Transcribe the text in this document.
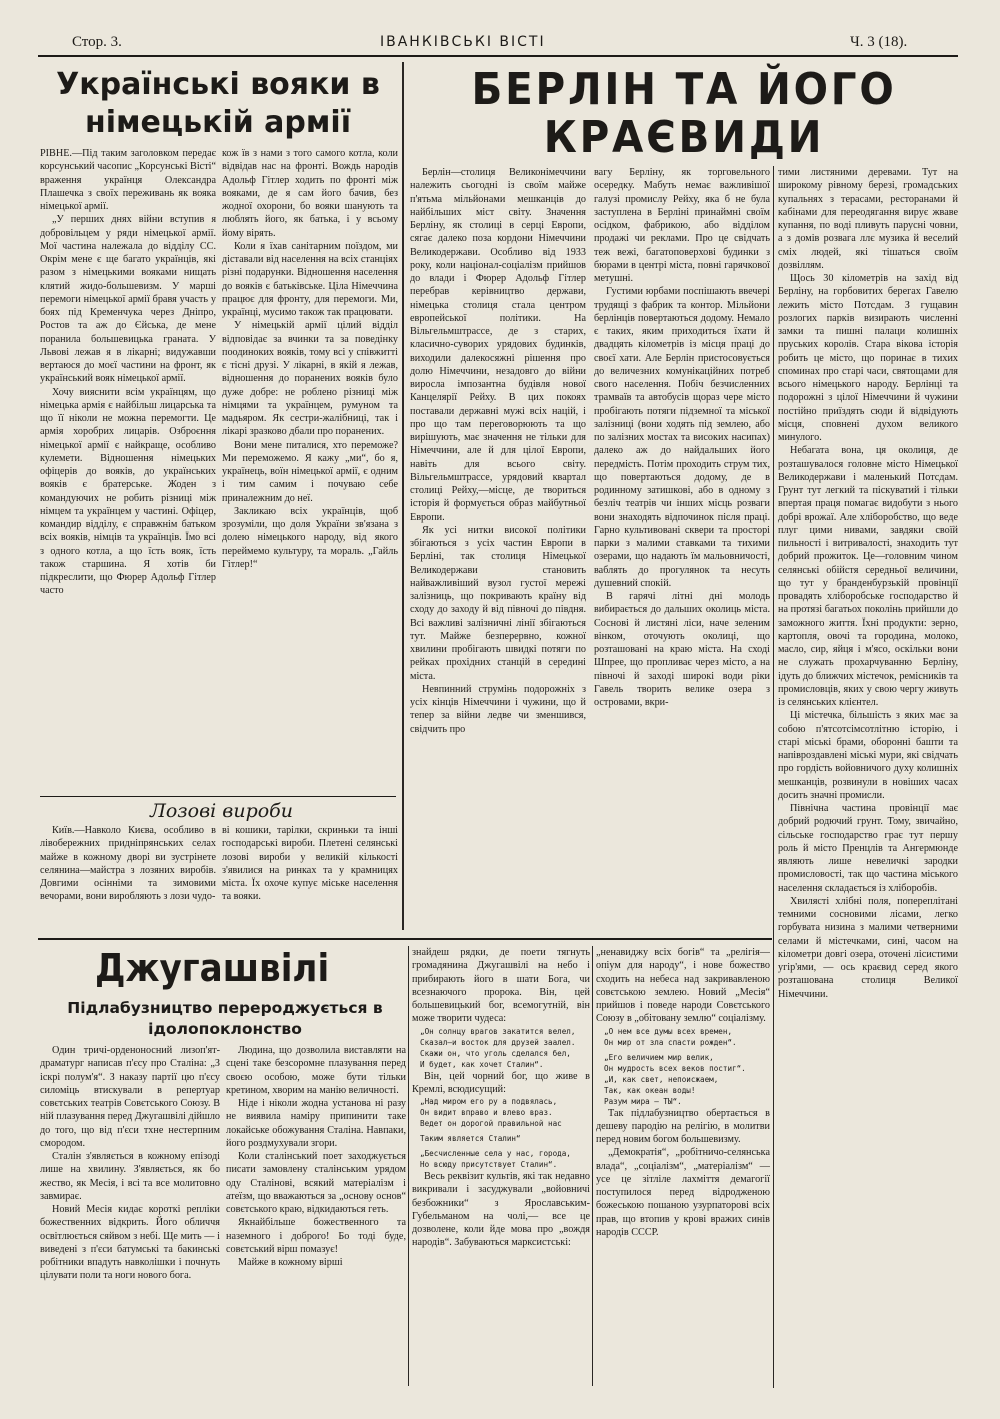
Стор. 3.	ІВАНКІВСЬКІ ВІСТІ	Ч. 3 (18).
Українські вояки в
німецькій армії

РІВНЕ.—Під таким заголовком передає корсунський часопис „Корсунські Вісті“ враження українця Олександра Плашечка з своїх переживань як вояка німецької армії.

„У перших днях війни вступив я добровільцем у ряди німецької армії. Мої частина належала до відділу СС. Окрім мене є ще багато українців, які разом з німецькими вояками нищать клятий жидо-большевизм. У марші перемоги німецької армії бравя участь у боях під Кременчука через Дніпро, Ростов та аж до Єйська, де мене поранила большевицька граната. У Львові лежав я в лікарні; видужавши вертаюся до моєї частини на фронт, як український вояк німецької армії.

Хочу вияснити всім українцям, що німецька армія є найбільш лицарська та що її ніколи не можна перемогти. Це армія хоробрих лицарів. Озброєння німецької армії є найкраще, особливо кулемети. Відношення німецьких офіцерів до вояків, до українських вояків є братерське. Жоден з командуючих не робить різниці між німцем та українцем у частині. Офіцер, командир відділу, є справжнім батьком всіх вояків, німців та українців. Їмо всі з одного котла, а що їсть вояк, їсть також старшина. Я хотів би підкреслити, що Фюрер Адольф Гітлер часто

кож їв з нами з того самого котла, коли відвідав нас на фронті. Вождь народів Адольф Гітлер ходить по фронті між вояками, де я сам його бачив, без жодної охорони, бо вояки шанують та люблять його, як батька, і у всьому йому вірять.

Коли я їхав санітарним поїздом, ми діставали від населення на всіх станціях різні подарунки. Відношення населення до вояків є батьківське. Ціла Німеччина працює для фронту, для перемоги. Ми, українці, мусимо також так працювати.

У німецькій армії цілий відділ відповідає за вчинки та за поведінку поодиноких вояків, тому всі у співжитті є тісні друзі. У лікарні, в якій я лежав, відношення до поранених вояків було дуже добре: не роблено різниці між німцями та українцем, румуном та мадьяром. Як сестри-жалібниці, так і лікарі зразково дбали про поранених.

Вони мене питалися, хто переможе? Ми переможемо. Я кажу „ми“, бо я, українець, воїн німецької армії, є одним і тим самим і почуваю себе приналежним до неї.

Закликаю всіх українців, щоб зрозуміли, що доля України зв'язана з долею німецького народу, від якого переймемо культуру, та мораль. „Гайль Гітлер!“

Лозові вироби

Київ.—Навколо Києва, особливо в лівобережних придніпрянських селах майже в кожному дворі ви зустрінете селянина—майстра з лозяних виробів. Довгими осінніми та зимовими вечорами, вони виробляють з лози чудо-

ві кошики, тарілки, скриньки та інші господарські вироби. Плетені селянські лозові вироби у великій кількості з'явилися на ринках та у крамницях міста. Їх охоче купує міське населення та вояки.

БЕРЛІН ТА ЙОГО
КРАЄВИДИ

Берлін—столиця Великонімеччини належить сьогодні із своїм майже п'ятьма мільйонами мешканців до найбільших міст світу. Значення Берліну, як столиці в серці Европи, сягає далеко поза кордони Німеччини Великодержави. Особливо від 1933 року, коли націонал-соціалізм прийшов до влади і Фюрер Адольф Гітлер перебрав керівництво держави, німецька столиця стала центром европейської політики. На Вільгельмштрассе, де з старих, класично-суворих урядових будинків, виходили далекосяжні рішення про долю Німеччини, незадовго до війни виросла імпозантна будівля нової Канцелярії Рейху. В цих покоях поставали державні мужі всіх націй, і про що там переговорюють та що вирішують, має значення не тільки для Німеччини, але й для цілої Европи, навіть для всього світу. Вільгельмштрассе, урядовий квартал столиці Рейху,—місце, де твориться історія й формується образ майбутньої Европи.

Як усі нитки високої політики збігаються з усіх частин Европи в Берліні, так столиця Німецької Великодержави становить найважливіший вузол густої мережі залізниць, що покривають країну від сходу до заходу й від півночі до півдня. Всі важливі залізничні лінії збігаються тут. Майже безперервно, кожної хвилини пробігають швидкі потяги по рейках прохідних станцій в середині міста.

Невпинний струмінь подорожніх з усіх кінців Німеччини і чужини, що й тепер за війни ледве чи зменшився, свідчить про

вагу Берліну, як торговельного осередку. Мабуть немає важливішої галузі промислу Рейху, яка б не була заступлена в Берліні принаймні своїм осідком, фабрикою, або відділом продажі чи реклами. Про це свідчать теж вежі, багатоповерхові будинки з бюрами в центрі міста, повні гарячкової метушні.

Густими юрбами поспішають ввечері трудящі з фабрик та контор. Мільйони берлінців повертаються додому. Немало є таких, яким приходиться їхати й двадцять кілометрів із місця праці до своєї хати. Але Берлін пристосовується до величезних комунікаційних потреб свого населення. Побіч безчисленних трамваїв та автобусів щораз чере місто пробігають потяги підземної та міської залізниці (вони ходять під землею, або по залізних мостах та високих насипах) далеко аж до найдальших його передмість. Потім проходить струм тих, що повертаються додому, де в родинному затишкові, або в одному з безліч театрів чи інших місць розваги вони знаходять відпочинок після праці. Гарно культивовані сквери та просторі парки з малими ставками та тихими озерами, що надають їм мальовничості, ваблять до прогулянок та несуть душевний спокій.

В гарячі літні дні молодь вибирається до дальших околиць міста. Соснові й листяні ліси, наче зеленим вінком, оточують околиці, що розташовані на краю міста. На сході Шпрее, що пропливає через місто, а на півночі й заході широкі води ріки Гавель творить велике озера з островами, вкри-

тими листяними деревами. Тут на широкому рівному березі, громадських купальнях з терасами, ресторанами й кабінами для переодягання вирує жваве купання, по воді пливуть парусні човни, а з домів розвага ллє музика й веселий сміх людей, які тішаться своїм дозвіллям.

Щось 30 кілометрів на захід від Берліну, на горбовитих берегах Гавелю лежить місто Потсдам. З гущавин розлогих парків визирають численні замки та пишні палаци колишніх пруських королів. Стара вікова історія робить це місто, що поринає в тихих споминах про старі часи, святощами для всього німецького народу. Берлінці та подорожні з цілої Німеччини й чужини постійно приїздять сюди й відвідують місця, сповнені духом великого минулого.

Небагата вона, ця околиця, де розташувалося головне місто Німецької Великодержави і маленький Потсдам. Грунт тут легкий та піскуватий і тільки впертая праця помагає видобути з нього добрі врожаї. Але хліборобство, що веде плуг цими нивами, завдяки своїй пильності і витривалості, знаходить тут добрий прожиток. Це—головним чином селянські обійстя середньої величини, що тут у бранденбурзькій провінції провадять хліборобське господарство й на протязі багатьох поколінь прийшли до заможного життя. Їхні продукти: зерно, картопля, овочі та городина, молоко, масло, сир, яйця і м'ясо, оскільки вони не служать прохарчуванню Берліну, ідуть до ближчих містечок, ремісників та промисловців, яких у свою чергу живуть із селянських клієнтел.

Ці містечка, більшість з яких має за собою п'ятсотсімсотлітню історію, і старі міські брами, оборонні башти та напівроздавлені міські мури, які свідчать про гордість войовничого духу колишніх мешканців, розвинули в новіших часах досить значні промисли.

Північна частина провінції має добрий родючий грунт. Тому, звичайно, сільське господарство грає тут першу роль й місто Пренцлів та Ангермюнде являють лише невеличкі зародки промисловості, так що частина міського населення складається із хліборобів.

Хвилясті хлібні поля, попереплітані темними сосновими лісами, легко горбувата низина з малими четверними селами й містечками, сині, часом на кілометри довгі озера, оточені лісистими угір'ями, — ось краєвид серед якого розташована столиця Великої Німеччини.

Джугашвілі
Підлабузництво перероджується в
ідолопоклонство

Один тричі-орденоносний лизоп'ят-драматург написав п'єсу про Сталіна: „З іскрі полум'я“. З наказу партії цю п'єсу силоміць втискували в репертуар совєтських театрів Совєтського Союзу. В ній плазування перед Джугашвілі дійшло до того, що від п'єси тхне нестерпним смородом.

Сталін з'являється в кожному епізоді лише на хвилину. З'являється, як бо жество, як Месія, і всі та все молитовно завмирає.

Новий Месія кидає короткі репліки божественних відкрить. Його обличчя освітлюється сяйвом з небі. Ще мить — і виведені з п'єси батумські та бакинські робітники впадуть навколішки і почнуть цілувати поли та ноги нового бога.

Людина, що дозволила виставляти на сцені таке безсоромне плазування перед своєю особою, може бути тільки кретином, хворим на манію величності.

Ніде і ніколи жодна установа ні разу не виявила наміру припинити таке локайське обожування Сталіна. Навпаки, його роздмухували згори.

Коли сталінський поет заходжується писати замовлену сталінським урядом оду Сталінові, всякий матеріалізм і атеїзм, що вважаються за „основу основ“ совєтського краю, відкидаються геть.

Якнайбільше божественного та наземного і доброго! Бо тоді буде, совєтський вірш помазує!

Майже в кожному вірші

знайдеш рядки, де поети тягнуть громадянина Джугашвілі на небо і прибирають його в шати Бога, чи всезнаючого пророка. Він, цей большевицький бог, всемогутній, він може творити чудеса:

„Он солнцу врагов закатится велел,
Сказал—и восток для друзей заалел.
Скажи он, что уголь сделался бел,
И будет, как хочет Сталин“.

Він, цей чорний бог, що живе в Кремлі, всюдисущий:

„Над миром его ру а подвялась,
Он видит вправо и влево враз.
Ведет он дорогой правильной нас
Таким является Сталин“
„Бесчисленные села у нас, города,
Но всюду присутствует Сталин“.

Весь реквізит культів, які так недавно викривали і засуджували „войовничі безбожники“ з Ярославським-Губельманом на чолі,— все це дозволене, коли йде мова про „вождя народів“. Забуваються марксистські:

„ненавиджу всіх богів“ та „релігія—опіум для народу“, і нове божество сходить на небеса над закривавленою совєтською землею. Новий „Месія“ прийшов і поведе народи Совєтського Союзу в „обітовану землю“ соціалізму.

„О нем все думы всех времен,
Он мир от зла спасти рожден“.
„Его величием мир велик,
Он мудрость всех веков постиг“.
„И, как свет, непоисжаем,
Так, как океан воды!
Разум мира — ТЫ“.

Так підлабузництво обертається в дешеву пародію на релігію, в молитви перед новим богом большевизму.

„Демократія“, „робітничо-селянська влада“, „соціалізм“, „матеріалізм“ — усе це зітліле лахміття демагогії поступилося перед відродженою божеською пошаною узурпаторові всіх прав, що втопив у крові вражих синів народів СССР.
